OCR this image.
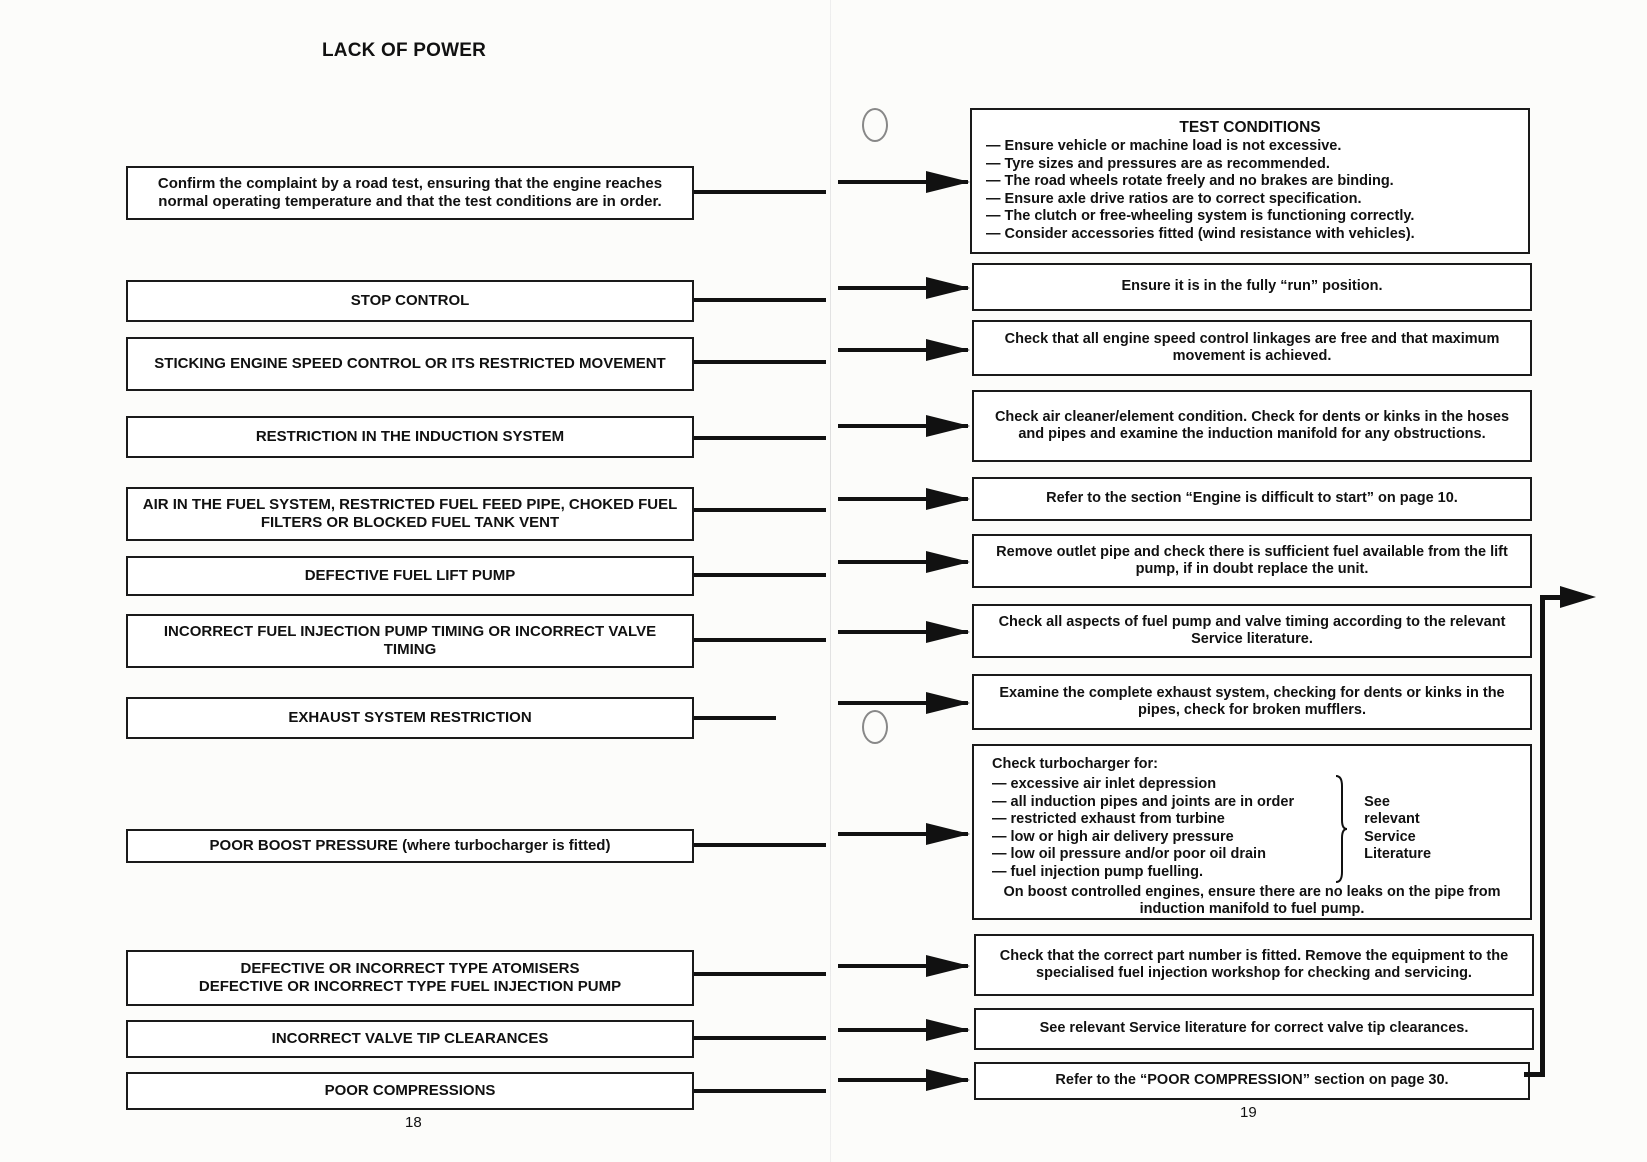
LACK OF POWER
Confirm the complaint by a road test, ensuring that the engine reaches normal operating temperature and that the test conditions are in order.
TEST CONDITIONS
— Ensure vehicle or machine load is not excessive.
— Tyre sizes and pressures are as recommended.
— The road wheels rotate freely and no brakes are binding.
— Ensure axle drive ratios are to correct specification.
— The clutch or free-wheeling system is functioning correctly.
— Consider accessories fitted (wind resistance with vehicles).
STOP CONTROL
Ensure it is in the fully “run” position.
STICKING ENGINE SPEED CONTROL OR ITS RESTRICTED MOVEMENT
Check that all engine speed control linkages are free and that maximum movement is achieved.
RESTRICTION IN THE INDUCTION SYSTEM
Check air cleaner/element condition. Check for dents or kinks in the hoses and pipes and examine the induction manifold for any obstructions.
AIR IN THE FUEL SYSTEM, RESTRICTED FUEL FEED PIPE, CHOKED FUEL FILTERS OR BLOCKED FUEL TANK VENT
Refer to the section “Engine is difficult to start” on page 10.
DEFECTIVE FUEL LIFT PUMP
Remove outlet pipe and check there is sufficient fuel available from the lift pump, if in doubt replace the unit.
INCORRECT FUEL INJECTION PUMP TIMING OR INCORRECT VALVE TIMING
Check all aspects of fuel pump and valve timing according to the relevant Service literature.
EXHAUST SYSTEM RESTRICTION
Examine the complete exhaust system, checking for dents or kinks in the pipes, check for broken mufflers.
POOR BOOST PRESSURE (where turbocharger is fitted)
Check turbocharger for:
— excessive air inlet depression
— all induction pipes and joints are in order
— restricted exhaust from turbine
— low or high air delivery pressure
— low oil pressure and/or poor oil drain
— fuel injection pump fuelling.
See
relevant
Service
Literature
On boost controlled engines, ensure there are no leaks on the pipe from induction manifold to fuel pump.
DEFECTIVE OR INCORRECT TYPE ATOMISERS
DEFECTIVE OR INCORRECT TYPE FUEL INJECTION PUMP
Check that the correct part number is fitted. Remove the equipment to the specialised fuel injection workshop for checking and servicing.
INCORRECT VALVE TIP CLEARANCES
See relevant Service literature for correct valve tip clearances.
POOR COMPRESSIONS
Refer to the “POOR COMPRESSION” section on page 30.
18
19
